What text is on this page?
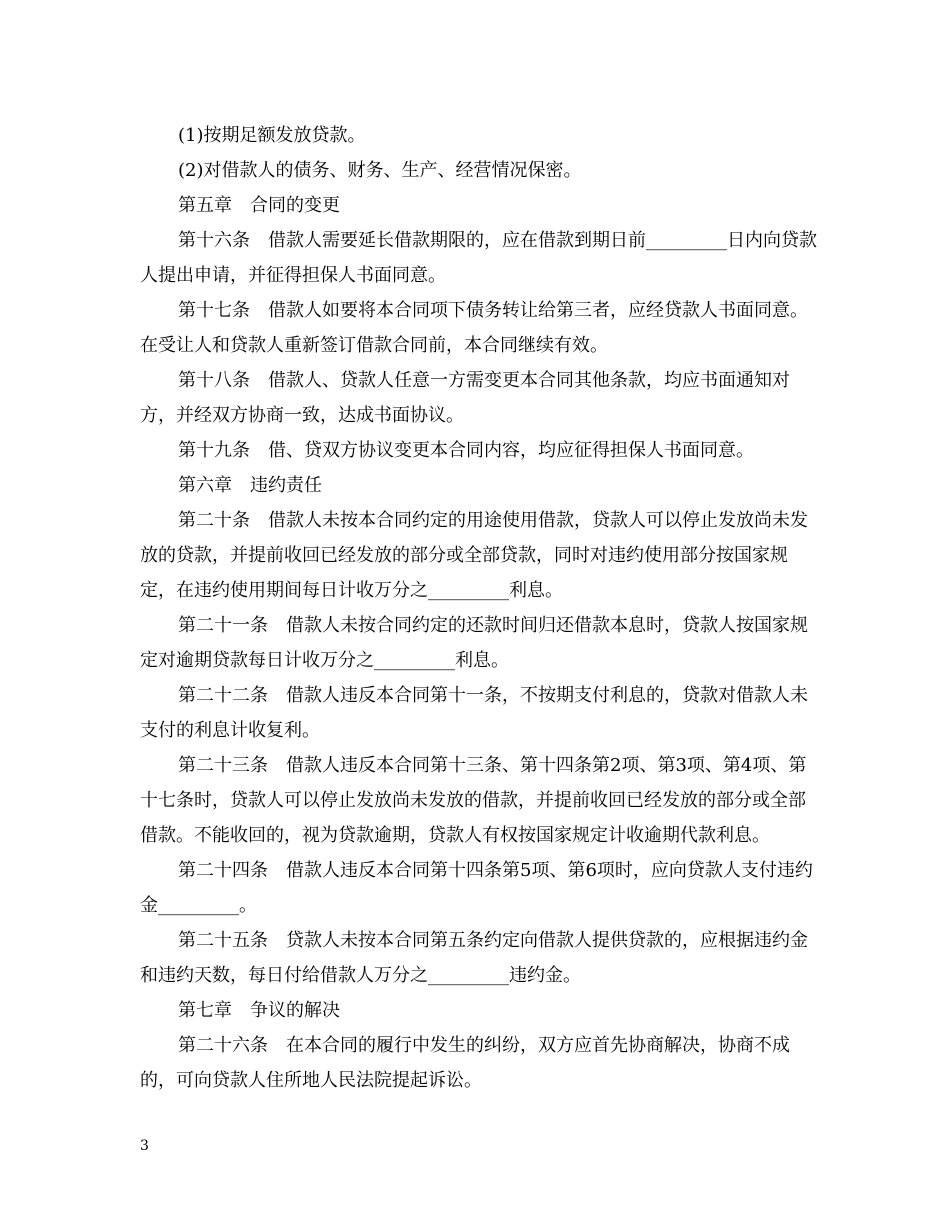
(1)按期足额发放贷款。

(2)对借款人的债务、财务、生产、经营情况保密。

第五章　合同的变更

第十六条　借款人需要延长借款期限的，应在借款到期日前_________日内向贷款人提出申请，并征得担保人书面同意。

第十七条　借款人如要将本合同项下债务转让给第三者，应经贷款人书面同意。在受让人和贷款人重新签订借款合同前，本合同继续有效。

第十八条　借款人、贷款人任意一方需变更本合同其他条款，均应书面通知对方，并经双方协商一致，达成书面协议。

第十九条　借、贷双方协议变更本合同内容，均应征得担保人书面同意。

第六章　违约责任

第二十条　借款人未按本合同约定的用途使用借款，贷款人可以停止发放尚未发放的贷款，并提前收回已经发放的部分或全部贷款，同时对违约使用部分按国家规定，在违约使用期间每日计收万分之_________利息。

第二十一条　借款人未按合同约定的还款时间归还借款本息时，贷款人按国家规定对逾期贷款每日计收万分之_________利息。

第二十二条　借款人违反本合同第十一条，不按期支付利息的，贷款对借款人未支付的利息计收复利。

第二十三条　借款人违反本合同第十三条、第十四条第2项、第3项、第4项、第十七条时，贷款人可以停止发放尚未发放的借款，并提前收回已经发放的部分或全部借款。不能收回的，视为贷款逾期，贷款人有权按国家规定计收逾期代款利息。

第二十四条　借款人违反本合同第十四条第5项、第6项时，应向贷款人支付违约金_________。

第二十五条　贷款人未按本合同第五条约定向借款人提供贷款的，应根据违约金和违约天数，每日付给借款人万分之_________违约金。

第七章　争议的解决

第二十六条　在本合同的履行中发生的纠纷，双方应首先协商解决，协商不成的，可向贷款人住所地人民法院提起诉讼。

3
